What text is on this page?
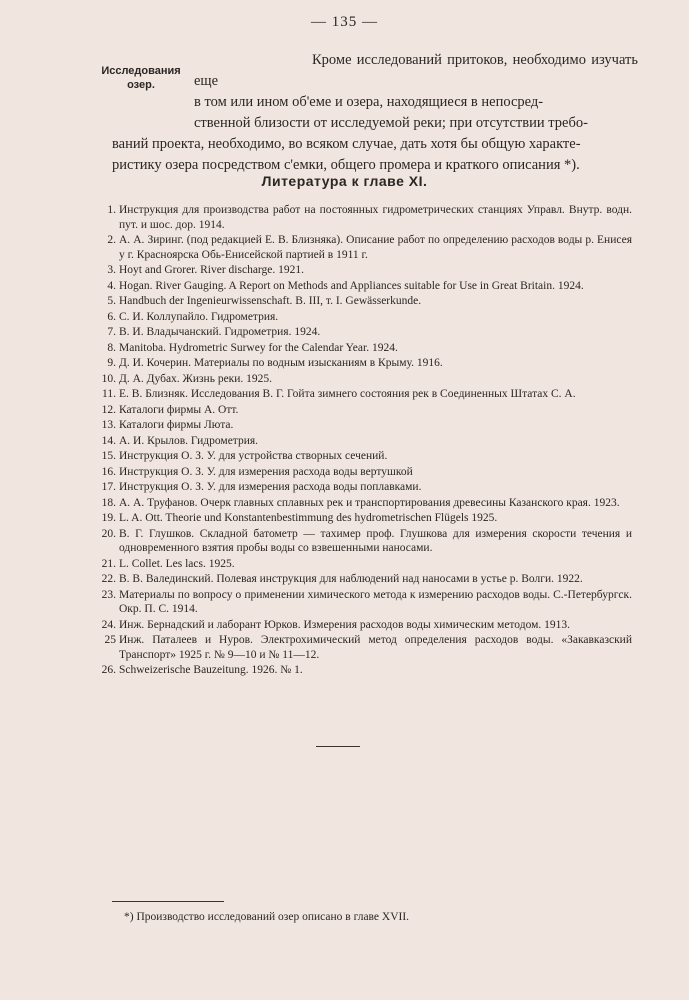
— 135 —
Исследования
озер.
Кроме исследований притоков, необходимо изучать еще
в том или ином об'еме и озера, находящиеся в непосред-
ственной близости от исследуемой реки; при отсутствии требо-
ваний проекта, необходимо, во всяком случае, дать хотя бы общую характе-
ристику озера посредством с'емки, общего промера и краткого описания *).
Литература к главе XI.
1. Инструкция для производства работ на постоянных гидрометрических станциях Управл. Внутр. водн. пут. и шос. дор. 1914.
2. А. А. Зиринг. (под редакцией Е. В. Близняка). Описание работ по определению расходов воды р. Енисея у г. Красноярска Обь-Енисейской партией в 1911 г.
3. Hoyt and Grorer. River discharge. 1921.
4. Hogan. River Gauging. A Report on Methods and Appliances suitable for Use in Great Britain. 1924.
5. Handbuch der Ingenieurwissenschaft. B. III, т. I. Gewässerkunde.
6. С. И. Коллупайло. Гидрометрия.
7. В. И. Владычанский. Гидрометрия. 1924.
8. Manitoba. Hydrometric Surwey for the Calendar Year. 1924.
9. Д. И. Кочерин. Материалы по водным изысканиям в Крыму. 1916.
10. Д. А. Дубах. Жизнь реки. 1925.
11. Е. В. Близняк. Исследования В. Г. Гойта зимнего состояния рек в Соединенных Штатах С. А.
12. Каталоги фирмы А. Отт.
13. Каталоги фирмы Люта.
14. А. И. Крылов. Гидрометрия.
15. Инструкция О. З. У. для устройства створных сечений.
16. Инструкция О. З. У. для измерения расхода воды вертушкой
17. Инструкция О. З. У. для измерения расхода воды поплавками.
18. А. А. Труфанов. Очерк главных сплавных рек и транспортирования древесины Казанского края. 1923.
19. L. A. Ott. Theorie und Konstantenbestimmung des hydrometrischen Flügels 1925.
20. В. Г. Глушков. Складной батометр — тахимер проф. Глушкова для измерения скорости течения и одновременного взятия пробы воды со взвешенными наносами.
21. L. Collet. Les lacs. 1925.
22. В. В. Валединский. Полевая инструкция для наблюдений над наносами в устье р. Волги. 1922.
23. Материалы по вопросу о применении химического метода к измерению расходов воды. С.-Петербургск. Окр. П. С. 1914.
24. Инж. Бернадский и лаборант Юрков. Измерения расходов воды химическим методом. 1913.
25 Инж. Паталеев и Нуров. Электрохимический метод определения расходов воды. «Закавказский Транспорт» 1925 г. № 9—10 и № 11—12.
26. Schweizerische Bauzeitung. 1926. № 1.
*) Производство исследований озер описано в главе XVII.
